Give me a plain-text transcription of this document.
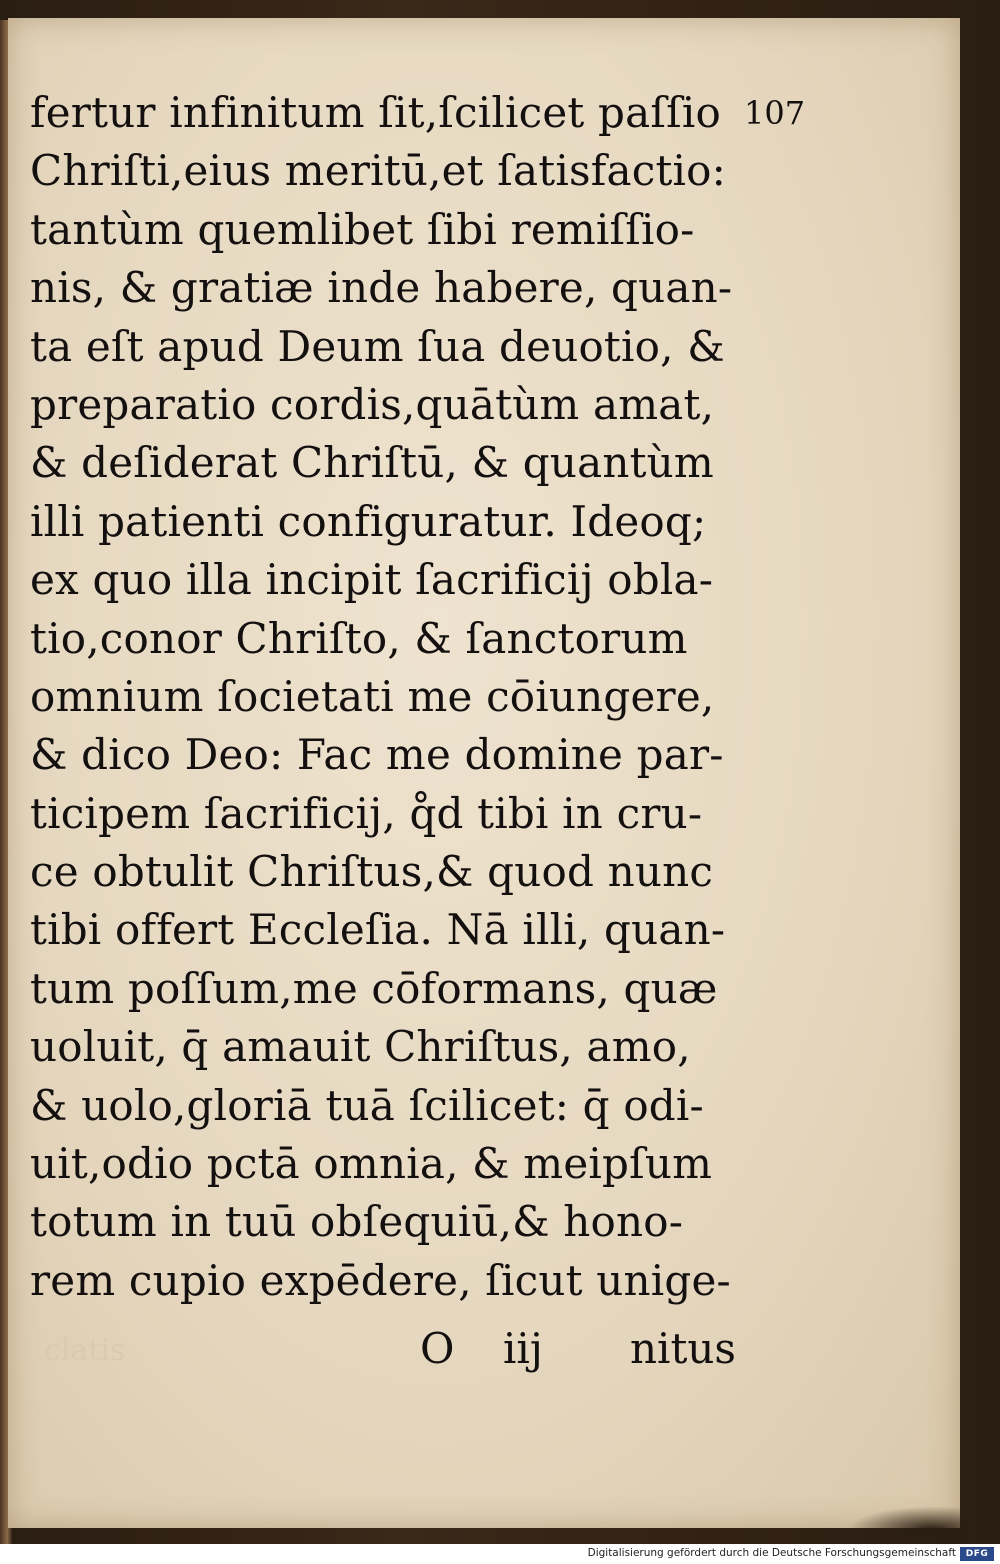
clatis
107
fertur infinitum ſit,ſcilicet paſſio
Chriſti,eius meritū,et ſatisfactio:
tantùm quemlibet ſibi remiſſio-
nis, & gratiæ inde habere, quan-
ta eſt apud Deum ſua deuotio, &
preparatio cordis,quātùm amat,
& deſiderat Chriſtū, & quantùm
illi patienti configuratur. Ideoq;
ex quo illa incipit ſacrificij obla-
tio,conor Chriſto, & ſanctorum
omnium ſocietati me cōiungere,
& dico Deo: Fac me domine par-
ticipem ſacrificij, q̊d tibi in cru-
ce obtulit Chriſtus,& quod nunc
tibi offert Eccleſia. Nā illi, quan-
tum poſſum,me cōformans, quæ
uoluit, q̄ amauit Chriſtus, amo,
& uolo,gloriā tuā ſcilicet: q̄ odi-
uit,odio pctā omnia, & meipſum
totum in tuū obſequiū,& hono-
rem cupio expēdere, ſicut unige-
O iij nitus
Digitalisierung gefördert durch die Deutsche Forschungsgemeinschaft	DFG
